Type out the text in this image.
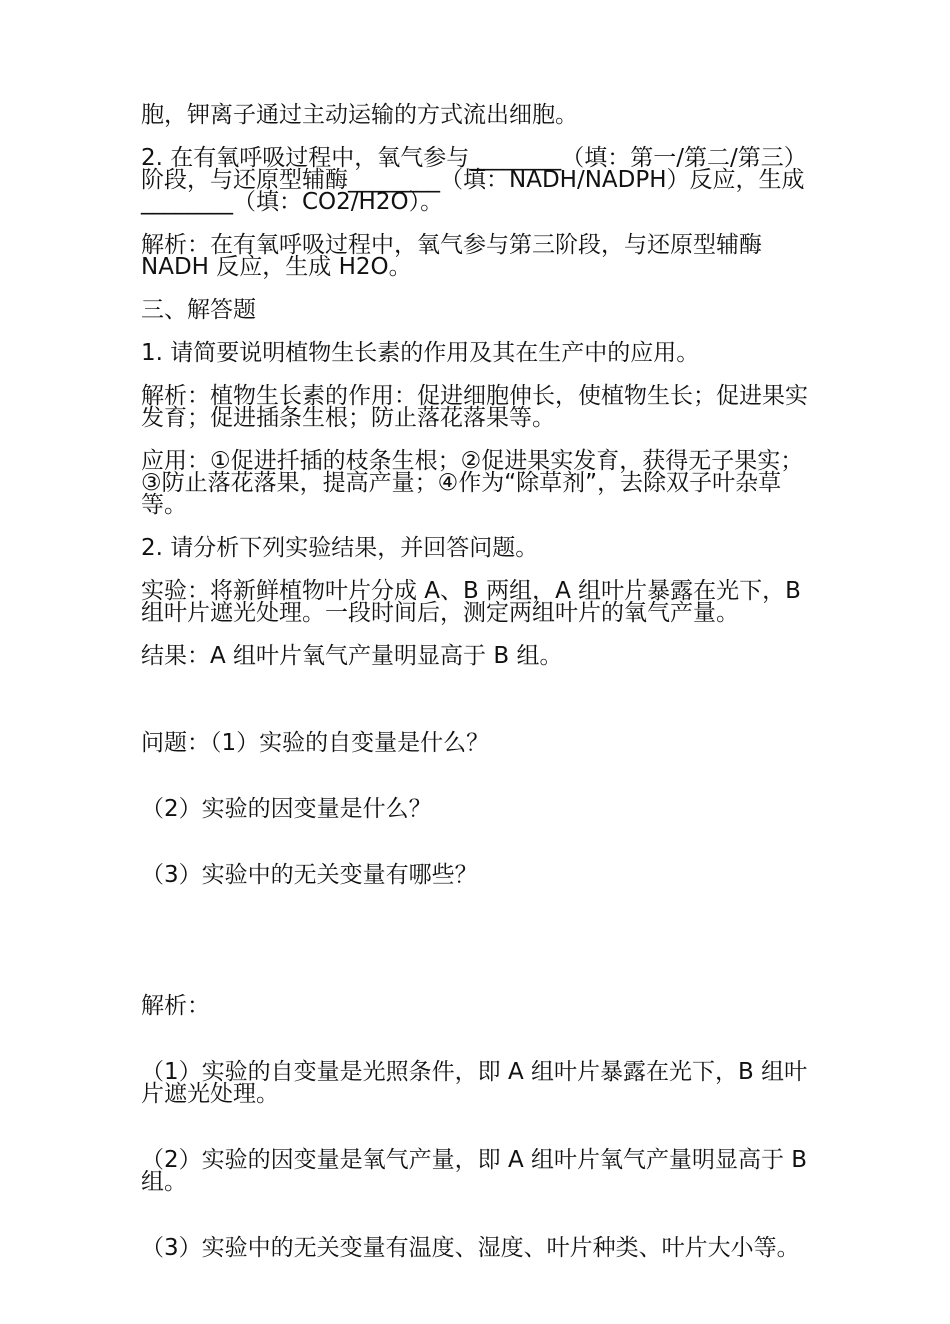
胞，钾离子通过主动运输的方式流出细胞。

2. 在有氧呼吸过程中，氧气参与________（填：第一/第二/第三）阶段，与还原型辅酶________（填：NADH/NADPH）反应，生成________（填：CO2/H2O）。

解析：在有氧呼吸过程中，氧气参与第三阶段，与还原型辅酶NADH 反应，生成 H2O。

三、解答题

1. 请简要说明植物生长素的作用及其在生产中的应用。

解析：植物生长素的作用：促进细胞伸长，使植物生长；促进果实发育；促进插条生根；防止落花落果等。

应用：①促进扦插的枝条生根；②促进果实发育，获得无子果实；③防止落花落果，提高产量；④作为“除草剂”，去除双子叶杂草等。

2. 请分析下列实验结果，并回答问题。

实验：将新鲜植物叶片分成 A、B 两组，A 组叶片暴露在光下，B 组叶片遮光处理。一段时间后，测定两组叶片的氧气产量。

结果：A 组叶片氧气产量明显高于 B 组。

问题：（1）实验的自变量是什么？

（2）实验的因变量是什么？

（3）实验中的无关变量有哪些？

解析：

（1）实验的自变量是光照条件，即 A 组叶片暴露在光下，B 组叶片遮光处理。

（2）实验的因变量是氧气产量，即 A 组叶片氧气产量明显高于 B 组。

（3）实验中的无关变量有温度、湿度、叶片种类、叶片大小等。
